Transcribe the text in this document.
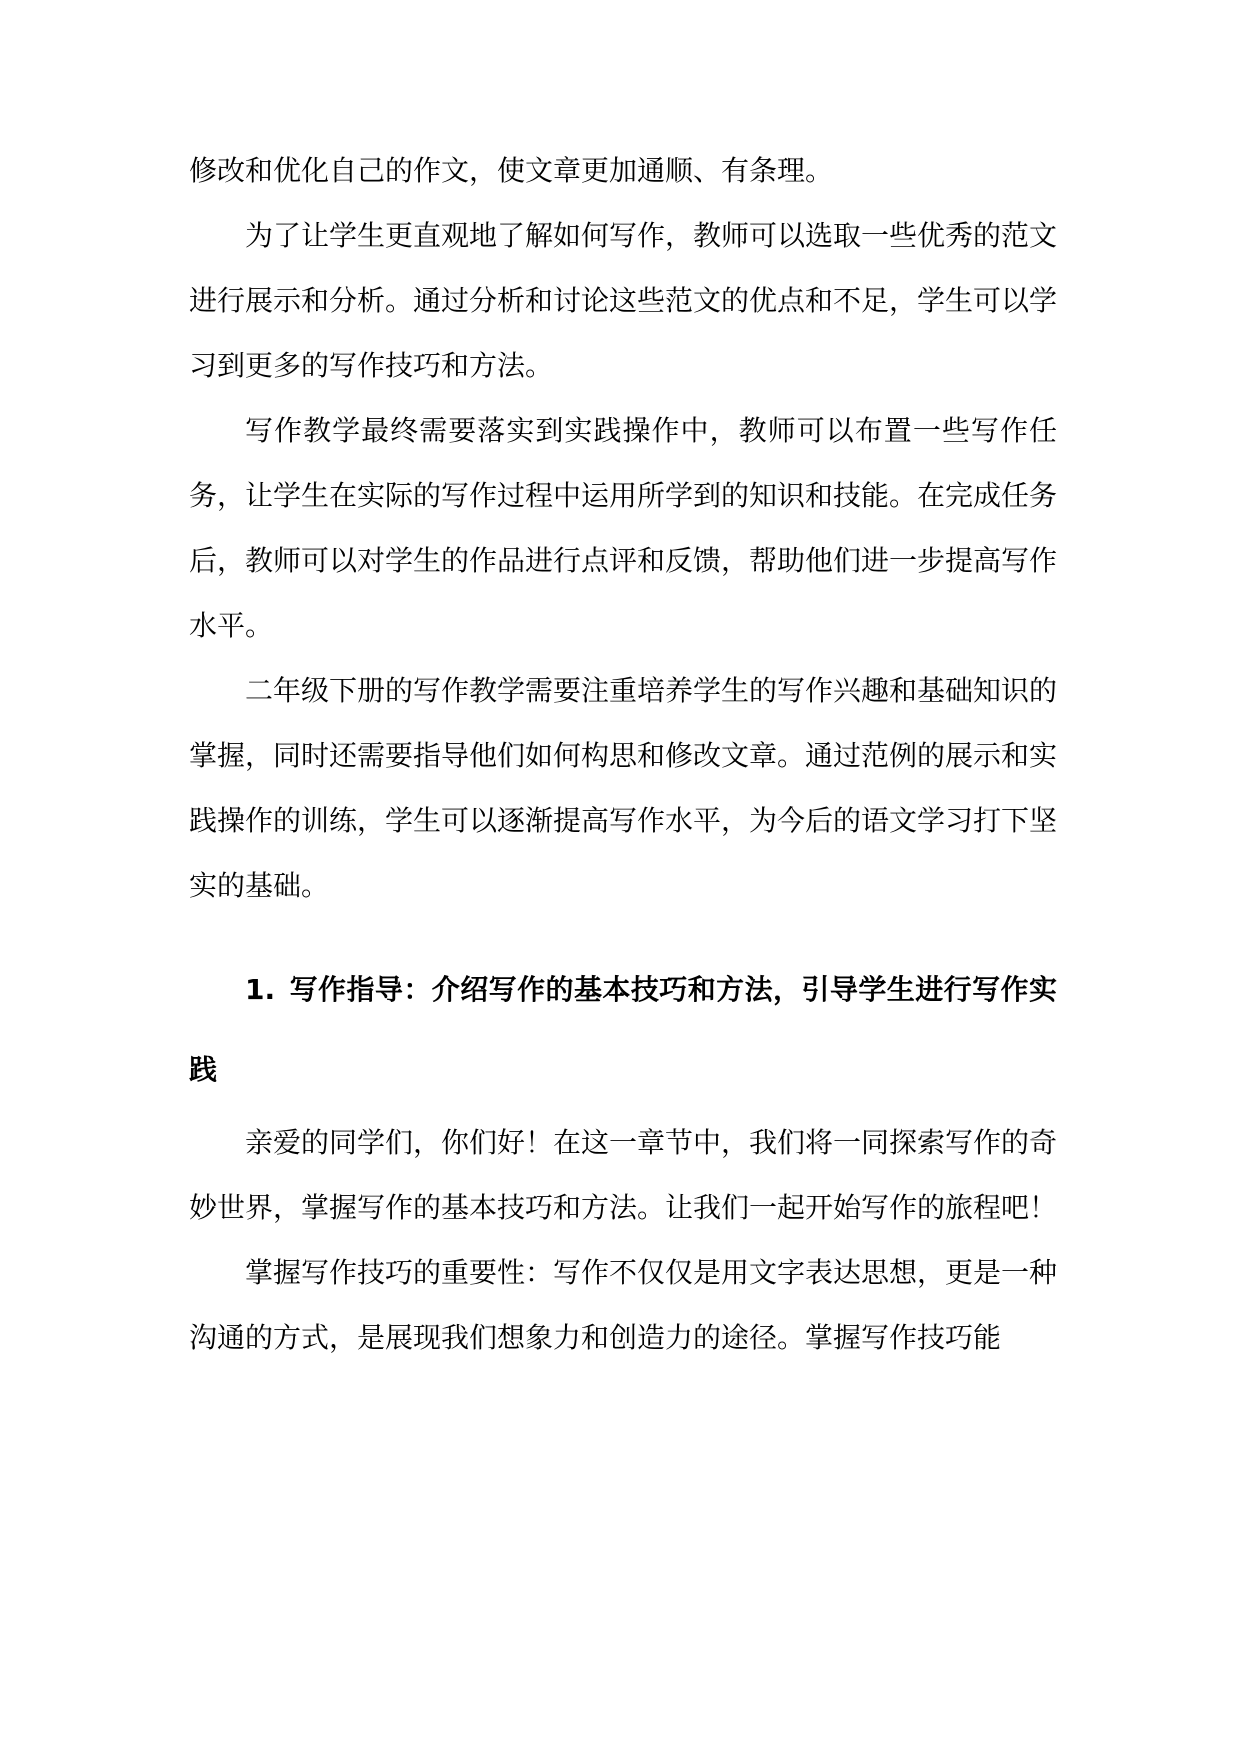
修改和优化自己的作文，使文章更加通顺、有条理。

为了让学生更直观地了解如何写作，教师可以选取一些优秀的范文进行展示和分析。通过分析和讨论这些范文的优点和不足，学生可以学习到更多的写作技巧和方法。

写作教学最终需要落实到实践操作中，教师可以布置一些写作任务，让学生在实际的写作过程中运用所学到的知识和技能。在完成任务后，教师可以对学生的作品进行点评和反馈，帮助他们进一步提高写作水平。

二年级下册的写作教学需要注重培养学生的写作兴趣和基础知识的掌握，同时还需要指导他们如何构思和修改文章。通过范例的展示和实践操作的训练，学生可以逐渐提高写作水平，为今后的语文学习打下坚实的基础。

1. 写作指导：介绍写作的基本技巧和方法，引导学生进行写作实践

亲爱的同学们，你们好！在这一章节中，我们将一同探索写作的奇妙世界，掌握写作的基本技巧和方法。让我们一起开始写作的旅程吧！

掌握写作技巧的重要性：写作不仅仅是用文字表达思想，更是一种沟通的方式，是展现我们想象力和创造力的途径。掌握写作技巧能
